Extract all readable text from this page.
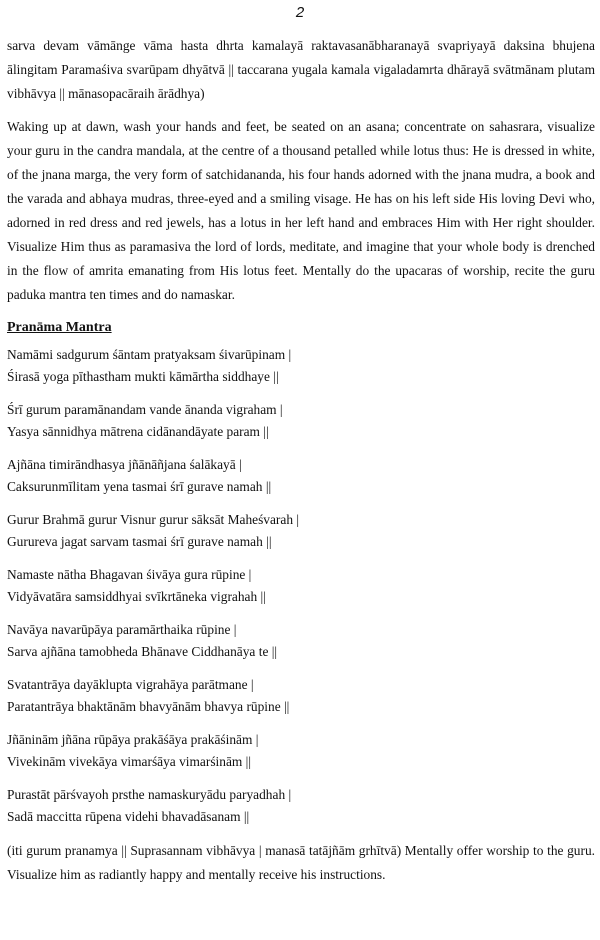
2

sarva devam vāmānge vāma hasta dhrta kamalayā raktavasanābharanayā svapriyayā daksina bhujena ālingitam Paramaśiva svarūpam dhyātvā || taccarana yugala kamala vigaladamrta dhārayā svātmānam plutam vibhāvya || mānasopacāraih ārādhya)

Waking up at dawn, wash your hands and feet, be seated on an asana; concentrate on sahasrara, visualize your guru in the candra mandala, at the centre of a thousand petalled while lotus thus: He is dressed in white, of the jnana marga, the very form of satchidananda, his four hands adorned with the jnana mudra, a book and the varada and abhaya mudras, three-eyed and a smiling visage. He has on his left side His loving Devi who, adorned in red dress and red jewels, has a lotus in her left hand and embraces Him with Her right shoulder. Visualize Him thus as paramasiva the lord of lords, meditate, and imagine that your whole body is drenched in the flow of amrita emanating from His lotus feet. Mentally do the upacaras of worship, recite the guru paduka mantra ten times and do namaskar.

Pranāma Mantra
Namāmi sadgurum śāntam pratyaksam śivarūpinam |
Śirasā yoga pīthastham mukti kāmārtha siddhaye ||
Śrī gurum paramānandam vande ānanda vigraham |
Yasya sānnidhya mātrena cidānandāyate param ||
Ajñāna timirāndhasya jñānāñjana śalākayā |
Caksurunmīlitam yena tasmai śrī gurave namah ||
Gurur Brahmā gurur Visnur gurur sāksāt Maheśvarah |
Gurureva jagat sarvam tasmai śrī gurave namah ||
Namaste nātha Bhagavan śivāya gura rūpine |
Vidyāvatāra samsiddhyai svīkrtāneka vigrahah ||
Navāya navarūpāya paramārthaika rūpine |
Sarva ajñāna tamobheda Bhānave Ciddhanāya te ||
Svatantrāya dayāklupta vigrahāya parātmane |
Paratantrāya bhaktānām bhavyānām bhavya rūpine ||
Jñāninām jñāna rūpāya prakāśāya prakāśinām |
Vivekinām vivekāya vimarśāya vimarśinām ||
Purastāt pārśvayoh prsthe namaskuryādu paryadhah |
Sadā maccitta rūpena videhi bhavadāsanam ||

(iti gurum pranamya || Suprasannam vibhāvya | manasā tatājñām grhītvā) Mentally offer worship to the guru. Visualize him as radiantly happy and mentally receive his instructions.
